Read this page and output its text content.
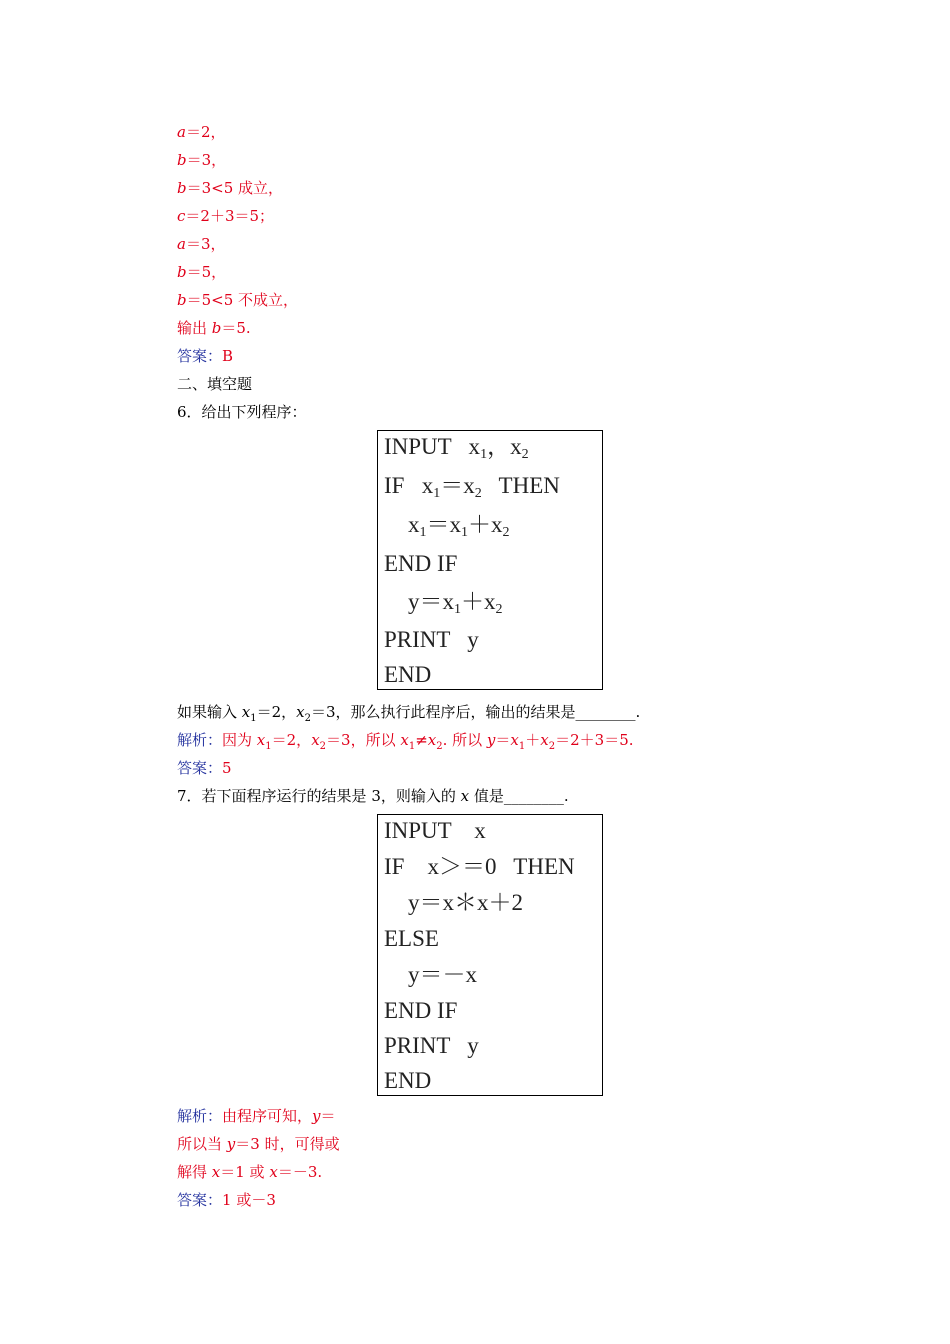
a＝2，
b＝3，
b＝3<5 成立，
c＝2＋3＝5；
a＝3，
b＝5，
b＝5<5 不成立，
输出 b＝5.
答案：B
二、填空题
6．给出下列程序：
INPUT   $x_1$，$x_2$
IF   $x_1=x_2$   THEN
$x_1=x_1+x_2$
END IF
$y=x_1+x_2$
PRINT   y
END
如果输入 $x_1=2$，$x_2=3$，那么执行此程序后，输出的结果是________.
解析：因为 $x_1=2$，$x_2=3$，所以 $x_1\ne x_2$. 所以 $y=x_1+x_2=2+3=5$.
答案：5
7．若下面程序运行的结果是 3，则输入的 x 值是________.
INPUT    x
IF    x＞＝0   THEN
y＝x＊x＋2
ELSE
y＝－x
END IF
PRINT   y
END
解析：由程序可知，y＝
所以当 y＝3 时，可得或
解得 x＝1 或 x＝－3.
答案：1 或－3
